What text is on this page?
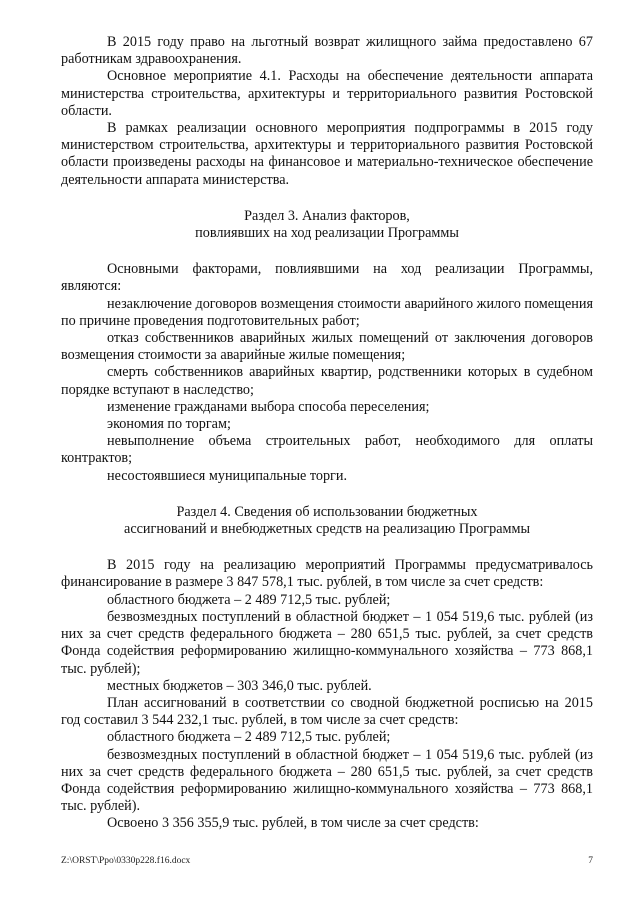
В 2015 году право на льготный возврат жилищного займа предоставлено 67 работникам здравоохранения.

Основное мероприятие 4.1. Расходы на обеспечение деятельности аппарата министерства строительства, архитектуры и территориального развития Ростовской области.

В рамках реализации основного мероприятия подпрограммы в 2015 году министерством строительства, архитектуры и территориального развития Ростовской области произведены расходы на финансовое и материально-техническое обеспечение деятельности аппарата министерства.

Раздел 3. Анализ факторов,

повлиявших на ход реализации Программы

Основными факторами, повлиявшими на ход реализации Программы, являются:

незаключение договоров возмещения стоимости аварийного жилого помещения по причине проведения подготовительных работ;

отказ собственников аварийных жилых помещений от заключения договоров возмещения стоимости за аварийные жилые помещения;

смерть собственников аварийных квартир, родственники которых в судебном порядке вступают в наследство;

изменение гражданами выбора способа переселения;

экономия по торгам;

невыполнение объема строительных работ, необходимого для оплаты контрактов;

несостоявшиеся муниципальные торги.

Раздел 4. Сведения об использовании бюджетных

ассигнований и внебюджетных средств на реализацию Программы

В 2015 году на реализацию мероприятий Программы предусматривалось финансирование в размере 3 847 578,1 тыс. рублей, в том числе за счет средств:

областного бюджета – 2 489 712,5 тыс. рублей;

безвозмездных поступлений в областной бюджет – 1 054 519,6 тыс. рублей (из них за счет средств федерального бюджета – 280 651,5 тыс. рублей, за счет средств Фонда содействия реформированию жилищно-коммунального хозяйства – 773 868,1 тыс. рублей);

местных бюджетов – 303 346,0 тыс. рублей.

План ассигнований в соответствии со сводной бюджетной росписью на 2015 год составил 3 544 232,1 тыс. рублей, в том числе за счет средств:

областного бюджета – 2 489 712,5 тыс. рублей;

безвозмездных поступлений в областной бюджет – 1 054 519,6 тыс. рублей (из них за счет средств федерального бюджета – 280 651,5 тыс. рублей, за счет средств Фонда содействия реформированию жилищно-коммунального хозяйства – 773 868,1 тыс. рублей).

Освоено 3 356 355,9 тыс. рублей, в том числе за счет средств:

Z:\ORST\Ppo\0330p228.f16.docx	7
